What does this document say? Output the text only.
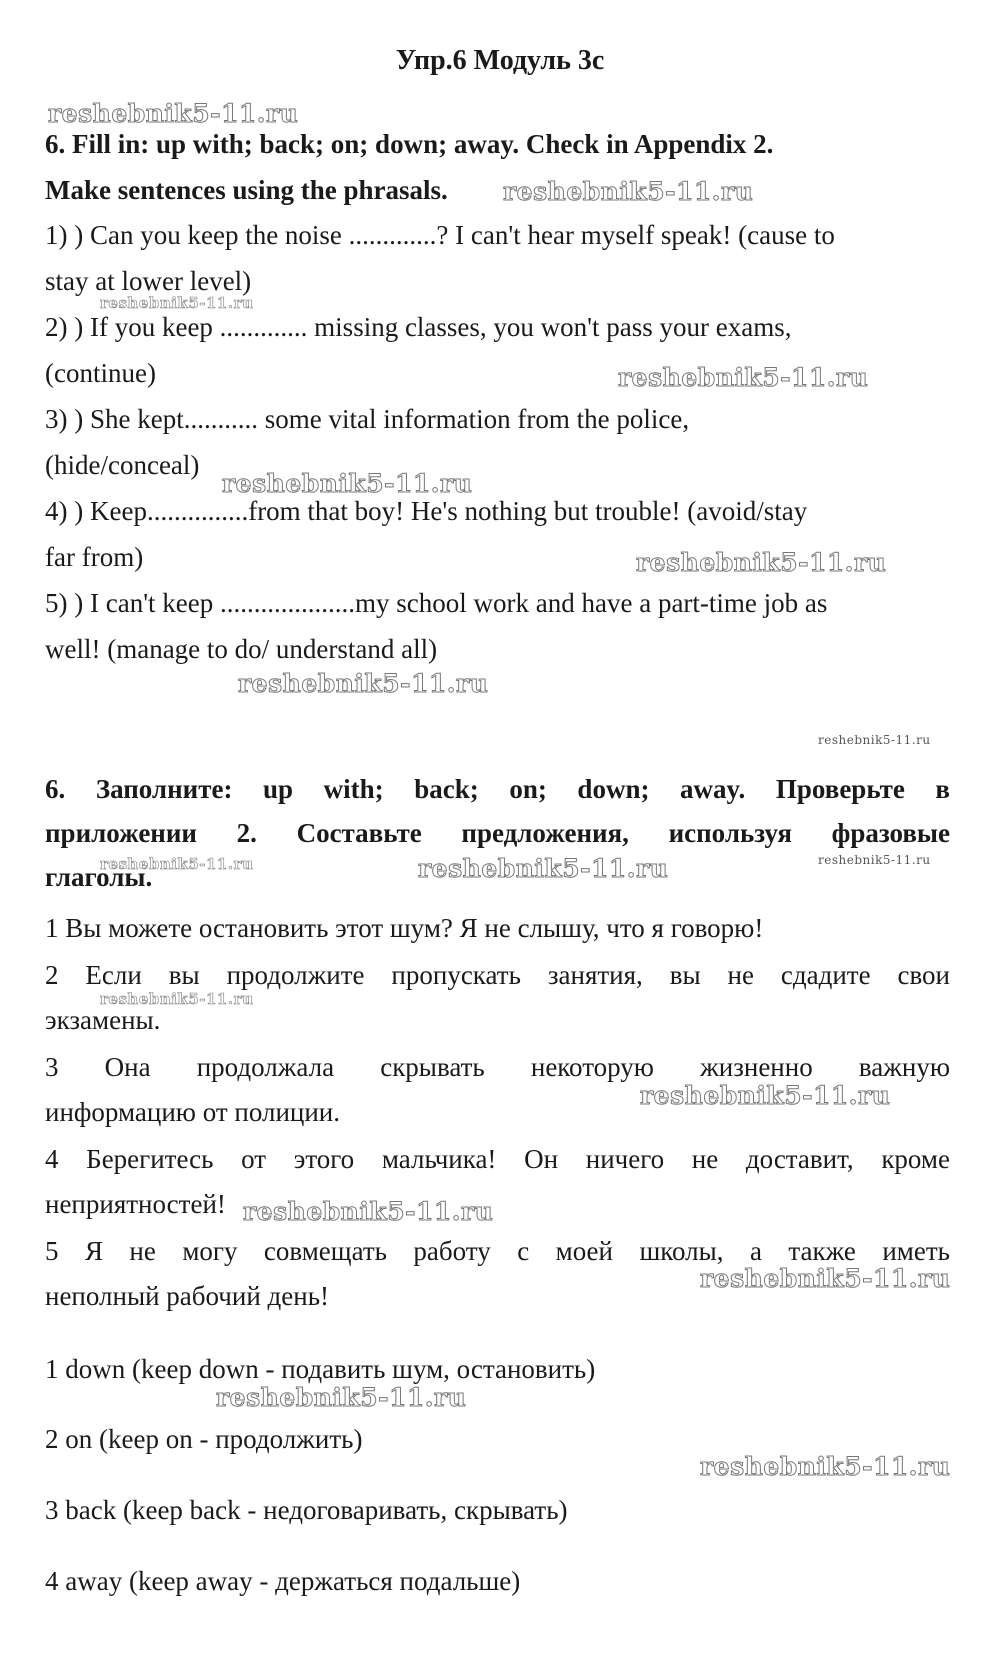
Упр.6 Модуль 3с
6. Fill in: up with; back; on; down; away. Check in Appendix 2.
Make sentences using the phrasals.
1) ) Can you keep the noise .............? I can't hear myself speak! (cause to
stay at lower level)
2) ) If you keep ............. missing classes, you won't pass your exams,
(continue)
3) ) She kept........... some vital information from the police,
(hide/conceal)
4) ) Keep...............from that boy! He's nothing but trouble! (avoid/stay
far from)
5) ) I can't keep ....................my school work and have a part-time job as
well! (manage to do/ understand all)
6. Заполните: up with; back; on; down; away. Проверьте в
приложении 2. Составьте предложения, используя фразовые
глаголы.
1 Вы можете остановить этот шум? Я не слышу, что я говорю!
2 Если вы продолжите пропускать занятия, вы не сдадите свои
экзамены.
3 Она продолжала скрывать некоторую жизненно важную
информацию от полиции.
4 Берегитесь от этого мальчика! Он ничего не доставит, кроме
неприятностей!
5 Я не могу совмещать работу с моей школы, а также иметь
неполный рабочий день!
1 down (keep down - подавить шум, остановить)
2 on (keep on - продолжить)
3 back (keep back - недоговаривать, скрывать)
4 away (keep away - держаться подальше)
reshebnik5-11.ru
reshebnik5-11.ru
reshebnik5-11.ru
reshebnik5-11.ru
reshebnik5-11.ru
reshebnik5-11.ru
reshebnik5-11.ru
reshebnik5-11.ru
reshebnik5-11.ru	reshebnik5-11.ru	reshebnik5-11.ru
reshebnik5-11.ru
reshebnik5-11.ru
reshebnik5-11.ru
reshebnik5-11.ru
reshebnik5-11.ru
reshebnik5-11.ru
